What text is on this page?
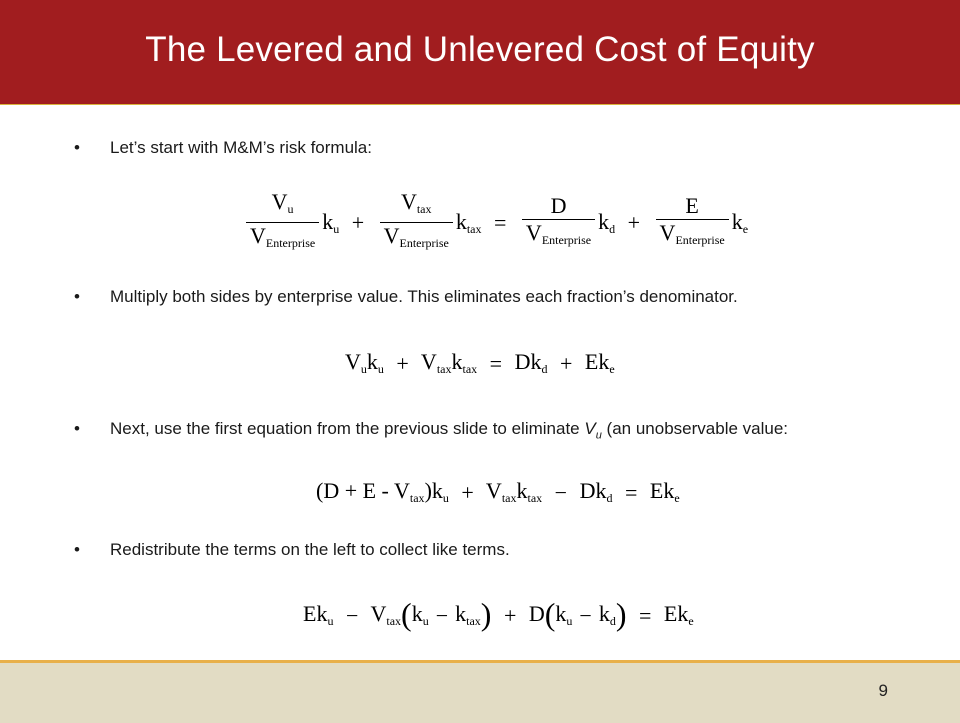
The Levered and Unlevered Cost of Equity
• Let’s start with M&M’s risk formula:
$\frac{V_u}{V_{Enterprise}} k_u + \frac{V_{tax}}{V_{Enterprise}} k_{tax} = \frac{D}{V_{Enterprise}} k_d + \frac{E}{V_{Enterprise}} k_e$
• Multiply both sides by enterprise value. This eliminates each fraction’s denominator.
$V_uk_u + V_{tax}k_{tax} = Dk_d + Ek_e$
• Next, use the first equation from the previous slide to eliminate $V_u$ (an unobservable value:
$(D + E - V_{tax})k_u + V_{tax}k_{tax} - Dk_d = Ek_e$
• Redistribute the terms on the left to collect like terms.
$Ek_u - V_{tax}(k_u - k_{tax}) + D(k_u - k_d) = Ek_e$
9
